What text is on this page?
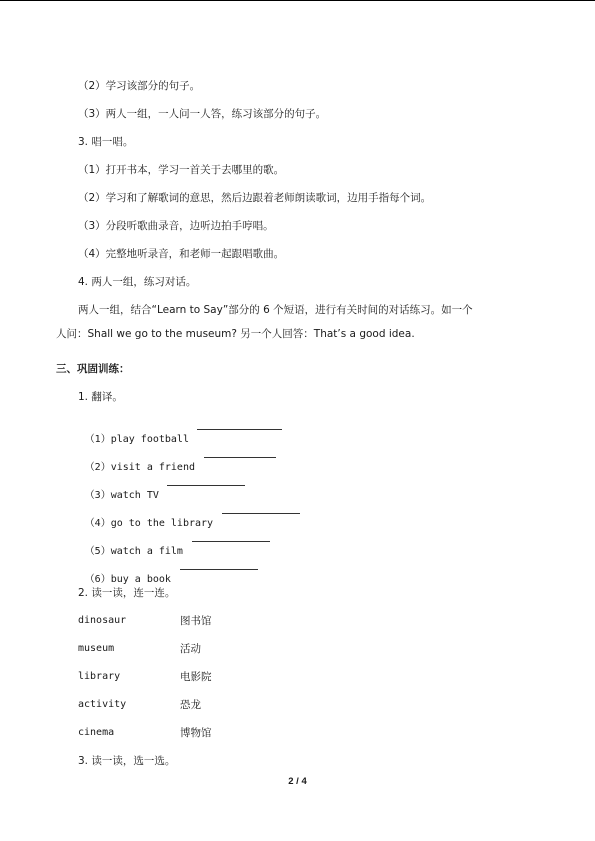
（2）学习该部分的句子。
（3）两人一组，一人问一人答，练习该部分的句子。
3. 唱一唱。
（1）打开书本，学习一首关于去哪里的歌。
（2）学习和了解歌词的意思，然后边跟着老师朗读歌词，边用手指每个词。
（3）分段听歌曲录音，边听边拍手哼唱。
（4）完整地听录音，和老师一起跟唱歌曲。
4. 两人一组，练习对话。
两人一组，结合“Learn to Say”部分的 6 个短语，进行有关时间的对话练习。如一个
人问：Shall we go to the museum? 另一个人回答：That’s a good idea.
三、巩固训练：
1. 翻译。

（1）play football

（2）visit a friend

（3）watch TV

（4）go to the library

（5）watch a film

（6）buy a book

2. 读一读，连一连。
dinosaur	图书馆
museum	活动
library	电影院
activity	恐龙
cinema	博物馆
3. 读一读，选一选。
2 / 4
